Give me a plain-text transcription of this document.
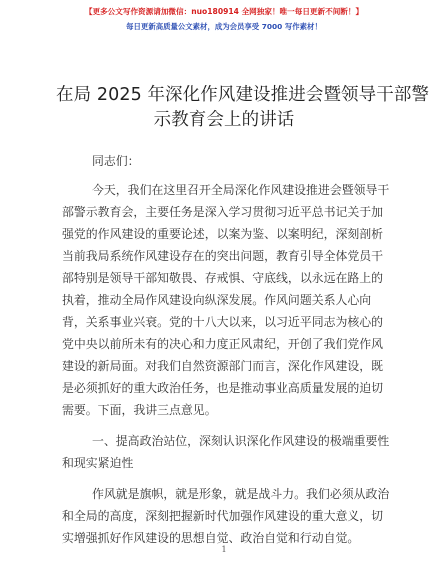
【更多公文写作资源请加微信：nuo180914 全网独家！唯一每日更新不间断！】
每日更新高质量公文素材，成为会员享受 7000 写作素材！
在局 2025 年深化作风建设推进会暨领导干部警
示教育会上的讲话
同志们：
今天，我们在这里召开全局深化作风建设推进会暨领导干
部警示教育会，主要任务是深入学习贯彻习近平总书记关于加
强党的作风建设的重要论述，以案为鉴、以案明纪，深刻剖析
当前我局系统作风建设存在的突出问题，教育引导全体党员干
部特别是领导干部知敬畏、存戒惧、守底线，以永远在路上的
执着，推动全局作风建设向纵深发展。作风问题关系人心向
背，关系事业兴衰。党的十八大以来，以习近平同志为核心的
党中央以前所未有的决心和力度正风肃纪，开创了我们党作风
建设的新局面。对我们自然资源部门而言，深化作风建设，既
是必须抓好的重大政治任务，也是推动事业高质量发展的迫切
需要。下面，我讲三点意见。
一、提高政治站位，深刻认识深化作风建设的极端重要性
和现实紧迫性
作风就是旗帜，就是形象，就是战斗力。我们必须从政治
和全局的高度，深刻把握新时代加强作风建设的重大意义，切
实增强抓好作风建设的思想自觉、政治自觉和行动自觉。
1
